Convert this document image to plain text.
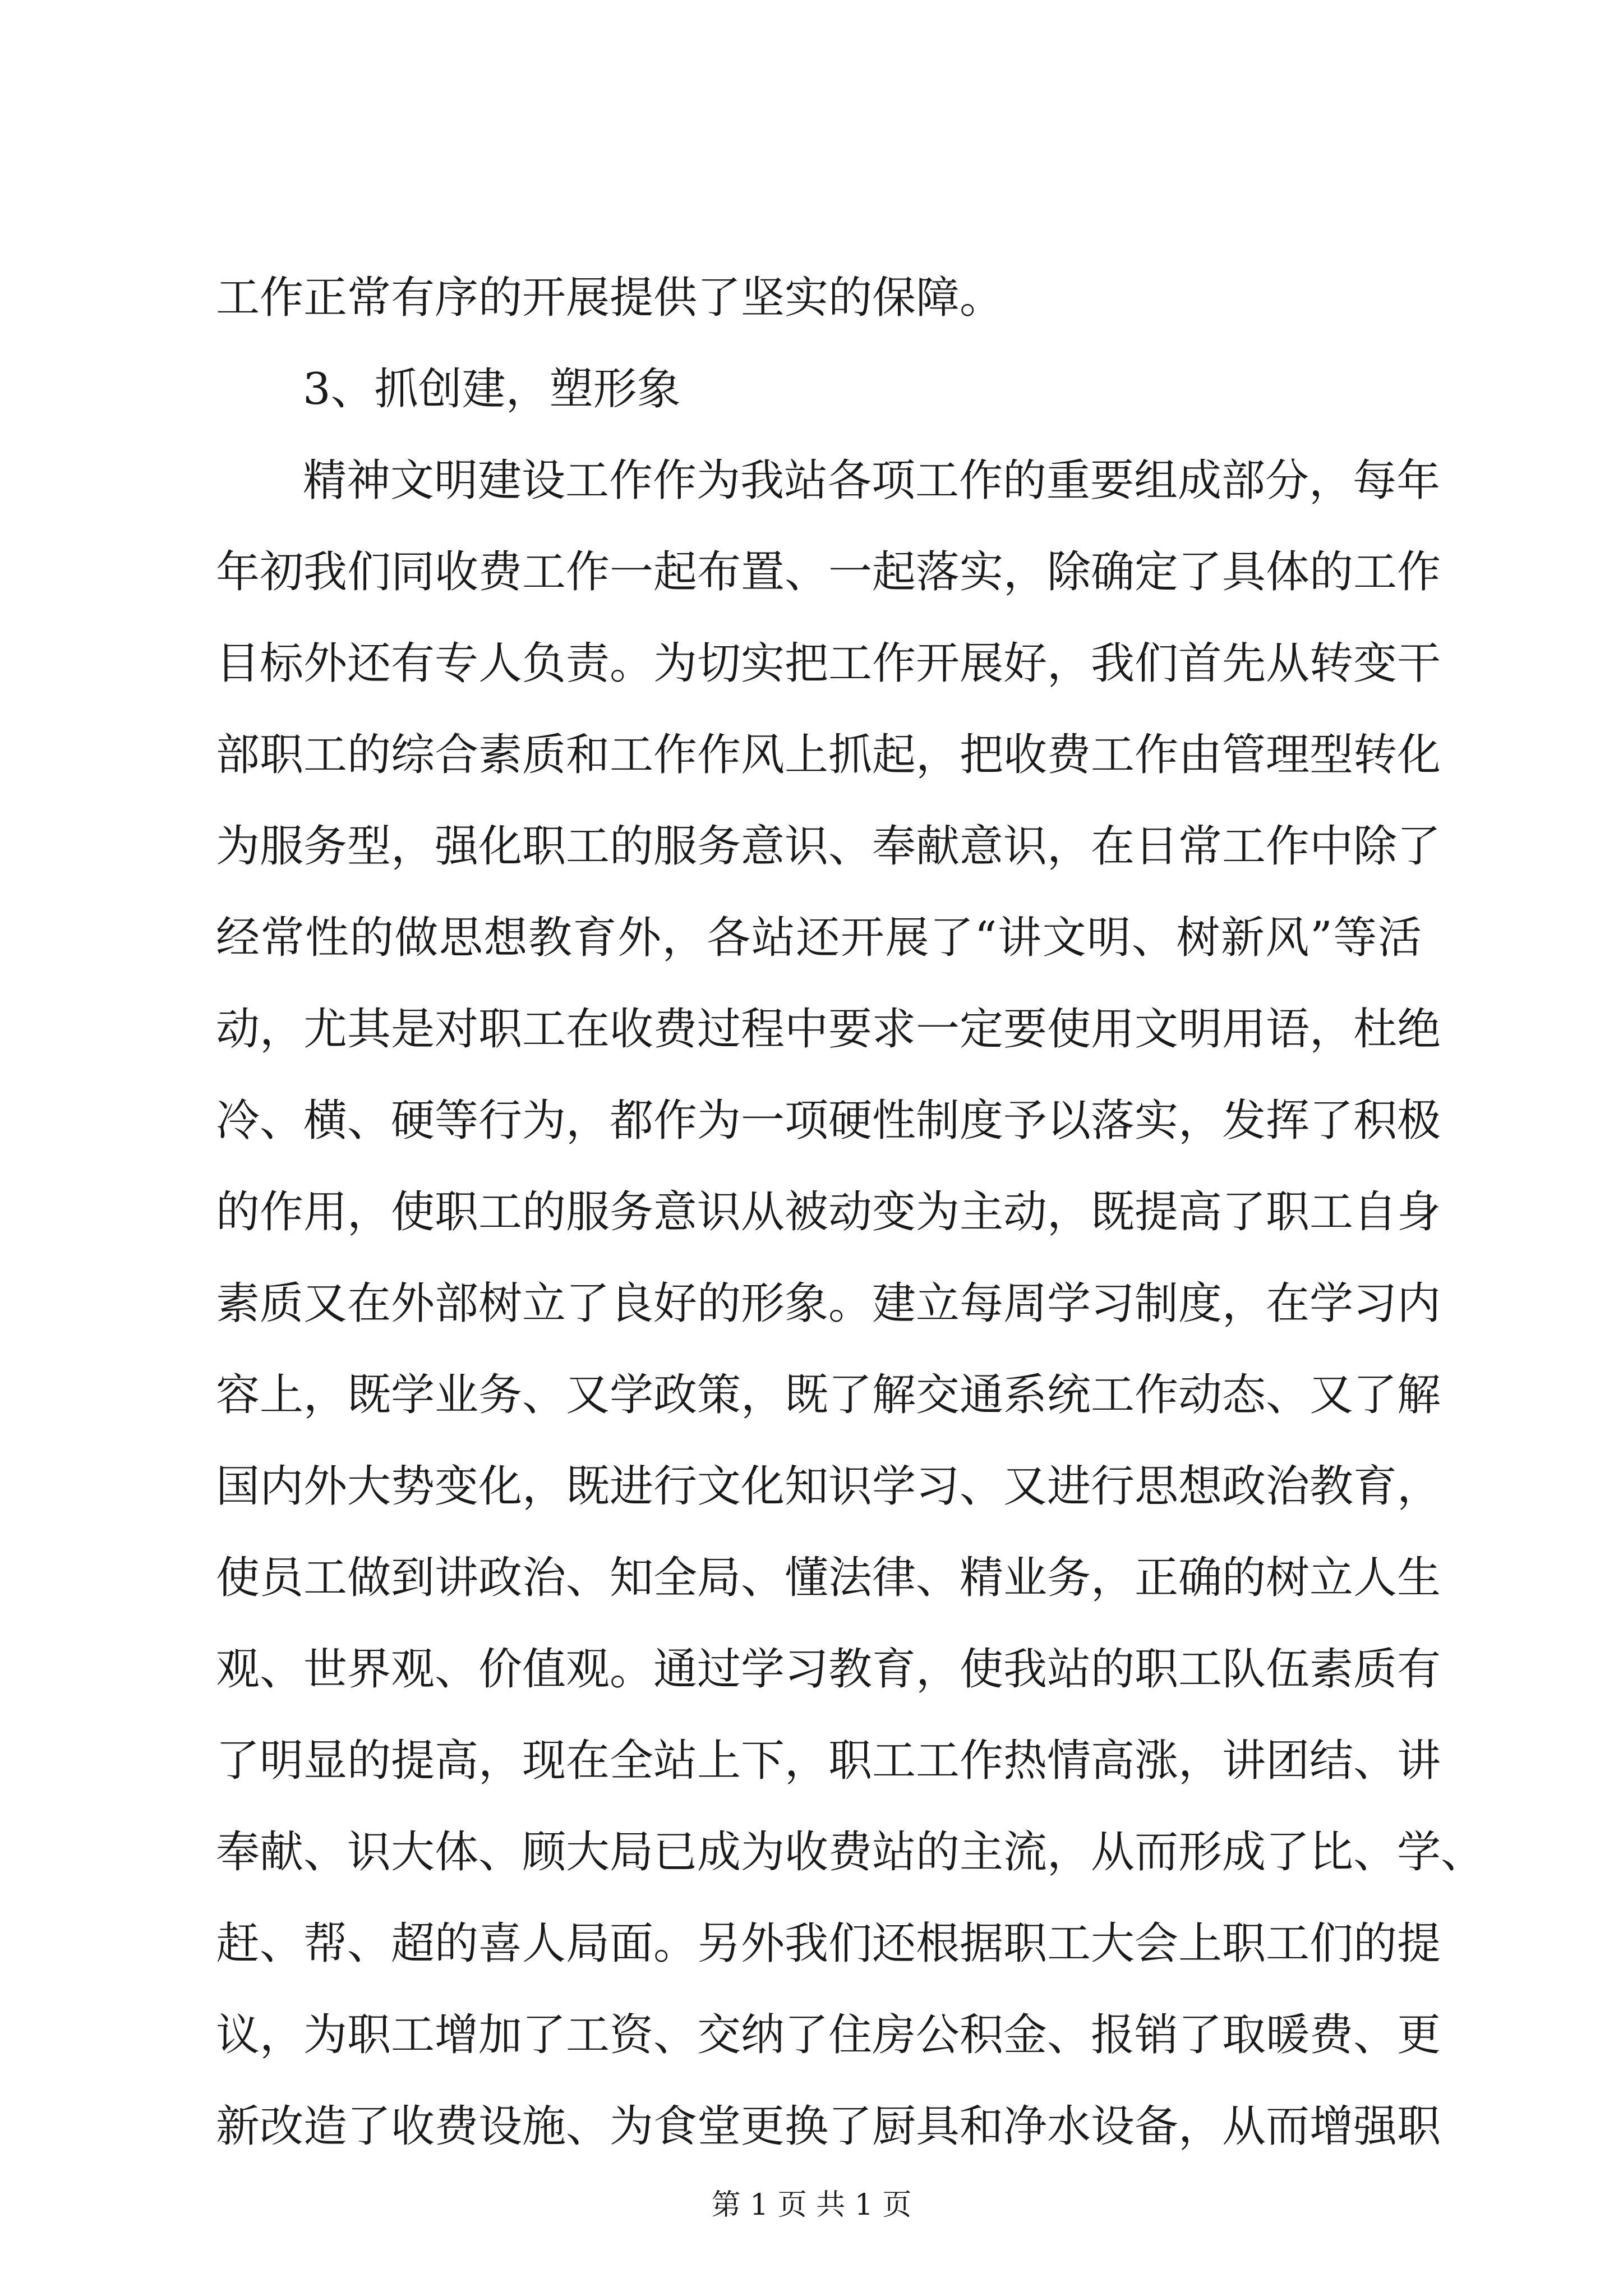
工作正常有序的开展提供了坚实的保障。
3、抓创建，塑形象
精神文明建设工作作为我站各项工作的重要组成部分，每年
年初我们同收费工作一起布置、一起落实，除确定了具体的工作
目标外还有专人负责。为切实把工作开展好，我们首先从转变干
部职工的综合素质和工作作风上抓起，把收费工作由管理型转化
为服务型，强化职工的服务意识、奉献意识，在日常工作中除了
经常性的做思想教育外，各站还开展了“讲文明、树新风”等活
动，尤其是对职工在收费过程中要求一定要使用文明用语，杜绝
冷、横、硬等行为，都作为一项硬性制度予以落实，发挥了积极
的作用，使职工的服务意识从被动变为主动，既提高了职工自身
素质又在外部树立了良好的形象。建立每周学习制度，在学习内
容上，既学业务、又学政策，既了解交通系统工作动态、又了解
国内外大势变化，既进行文化知识学习、又进行思想政治教育，
使员工做到讲政治、知全局、懂法律、精业务，正确的树立人生
观、世界观、价值观。通过学习教育，使我站的职工队伍素质有
了明显的提高，现在全站上下，职工工作热情高涨，讲团结、讲
奉献、识大体、顾大局已成为收费站的主流，从而形成了比、学、
赶、帮、超的喜人局面。另外我们还根据职工大会上职工们的提
议，为职工增加了工资、交纳了住房公积金、报销了取暖费、更
新改造了收费设施、为食堂更换了厨具和净水设备，从而增强职
第 1 页 共 1 页
